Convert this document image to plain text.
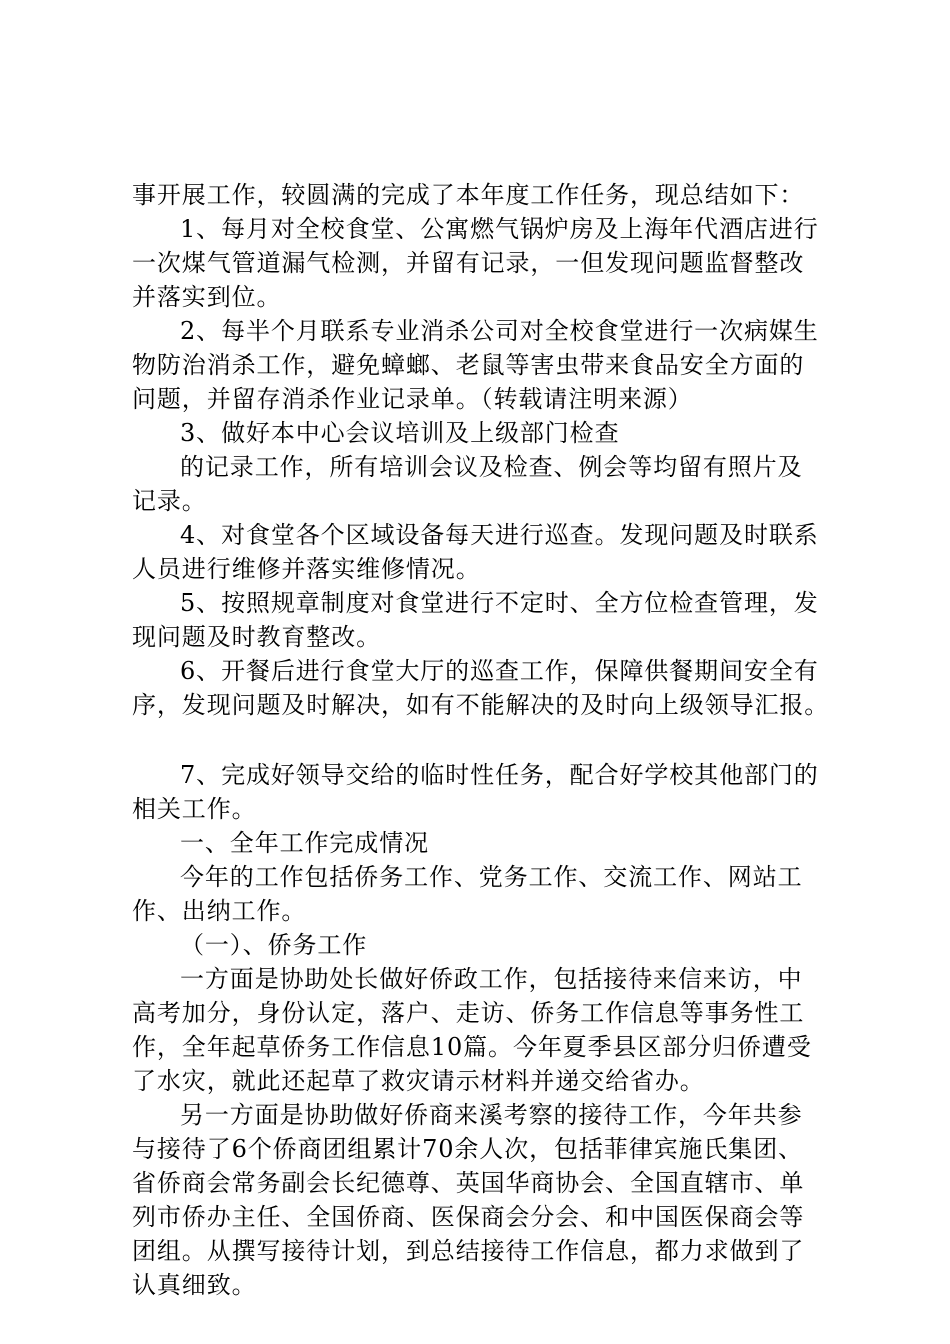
事开展工作，较圆满的完成了本年度工作任务，现总结如下：
1、每月对全校食堂、公寓燃气锅炉房及上海年代酒店进行
一次煤气管道漏气检测，并留有记录，一但发现问题监督整改
并落实到位。
2、每半个月联系专业消杀公司对全校食堂进行一次病媒生
物防治消杀工作，避免蟑螂、老鼠等害虫带来食品安全方面的
问题，并留存消杀作业记录单。（转载请注明来源）
3、做好本中心会议培训及上级部门检查
的记录工作，所有培训会议及检查、例会等均留有照片及
记录。
4、对食堂各个区域设备每天进行巡查。发现问题及时联系
人员进行维修并落实维修情况。
5、按照规章制度对食堂进行不定时、全方位检查管理，发
现问题及时教育整改。
6、开餐后进行食堂大厅的巡查工作，保障供餐期间安全有
序，发现问题及时解决，如有不能解决的及时向上级领导汇报。
7、完成好领导交给的临时性任务，配合好学校其他部门的
相关工作。
一、全年工作完成情况
今年的工作包括侨务工作、党务工作、交流工作、网站工
作、出纳工作。
（一）、侨务工作
一方面是协助处长做好侨政工作，包括接待来信来访，中
高考加分，身份认定，落户、走访、侨务工作信息等事务性工
作，全年起草侨务工作信息10篇。今年夏季县区部分归侨遭受
了水灾，就此还起草了救灾请示材料并递交给省办。
另一方面是协助做好侨商来溪考察的接待工作，今年共参
与接待了6个侨商团组累计70余人次，包括菲律宾施氏集团、
省侨商会常务副会长纪德尊、英国华商协会、全国直辖市、单
列市侨办主任、全国侨商、医保商会分会、和中国医保商会等
团组。从撰写接待计划，到总结接待工作信息，都力求做到了
认真细致。
